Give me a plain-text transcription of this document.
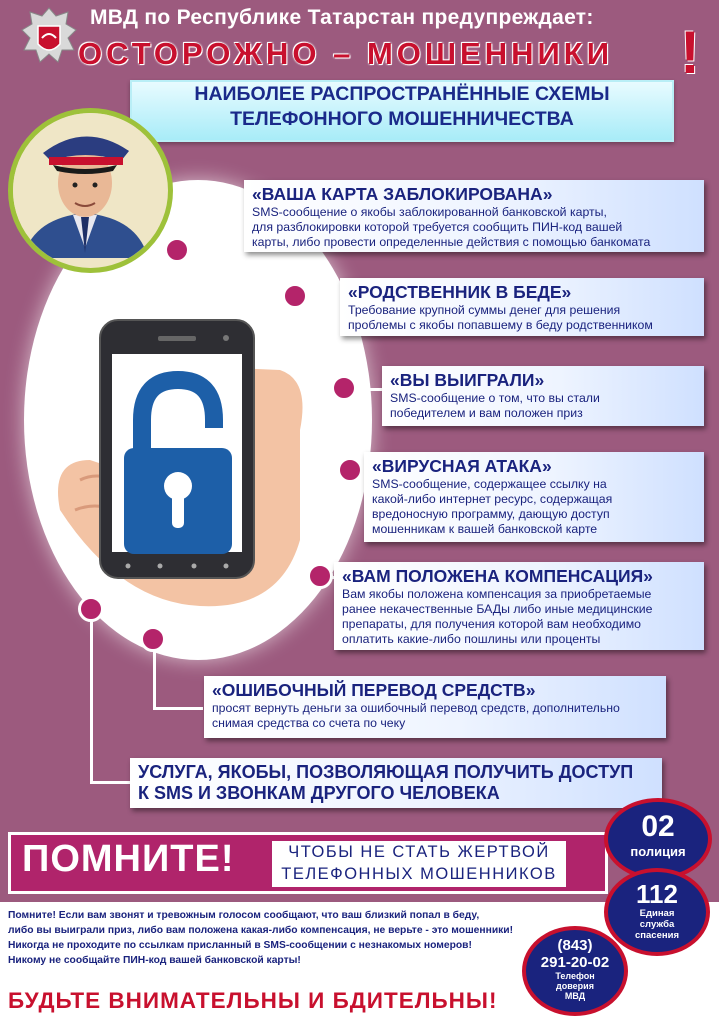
МВД по Республике Татарстан предупреждает:
ОСТОРОЖНО – МОШЕННИКИ !
НАИБОЛЕЕ РАСПРОСТРАНЁННЫЕ СХЕМЫ
ТЕЛЕФОННОГО МОШЕННИЧЕСТВА
«ВАША КАРТА ЗАБЛОКИРОВАНА»
SMS-сообщение о якобы заблокированной банковской карты,
для разблокировки которой требуется сообщить ПИН-код вашей
карты, либо провести определенные действия с помощью банкомата
«РОДСТВЕННИК В БЕДЕ»
Требование крупной суммы денег для решения
проблемы с якобы попавшему в беду родственником
«ВЫ ВЫИГРАЛИ»
SMS-сообщение о том, что вы стали
победителем и вам положен приз
«ВИРУСНАЯ АТАКА»
SMS-сообщение, содержащее ссылку на
какой-либо интернет ресурс, содержащая
вредоносную программу, дающую доступ
мошенникам к вашей банковской карте
«ВАМ ПОЛОЖЕНА КОМПЕНСАЦИЯ»
Вам якобы положена компенсация за приобретаемые
ранее некачественные БАДы либо иные медицинские
препараты, для получения которой вам необходимо
оплатить какие-либо пошлины или проценты
«ОШИБОЧНЫЙ ПЕРЕВОД СРЕДСТВ»
просят вернуть деньги за ошибочный перевод средств, дополнительно
снимая средства со счета по чеку
УСЛУГА, ЯКОБЫ, ПОЗВОЛЯЮЩАЯ ПОЛУЧИТЬ ДОСТУП
К SMS И ЗВОНКАМ ДРУГОГО ЧЕЛОВЕКА
ПОМНИТЕ!	ЧТОБЫ НЕ СТАТЬ ЖЕРТВОЙ
ТЕЛЕФОННЫХ МОШЕННИКОВ
Помните! Если вам звонят и тревожным голосом сообщают, что ваш близкий попал в беду,
либо вы выиграли приз, либо вам положена какая-либо компенсация, не верьте - это мошенники!
Никогда не проходите по ссылкам присланный в SMS-сообщении с незнакомых номеров!
Никому не сообщайте ПИН-код вашей банковской карты!
БУДЬТЕ ВНИМАТЕЛЬНЫ И БДИТЕЛЬНЫ!
02
полиция
112
Единая
служба
спасения
(843)
291-20-02
Телефон
доверия
МВД
